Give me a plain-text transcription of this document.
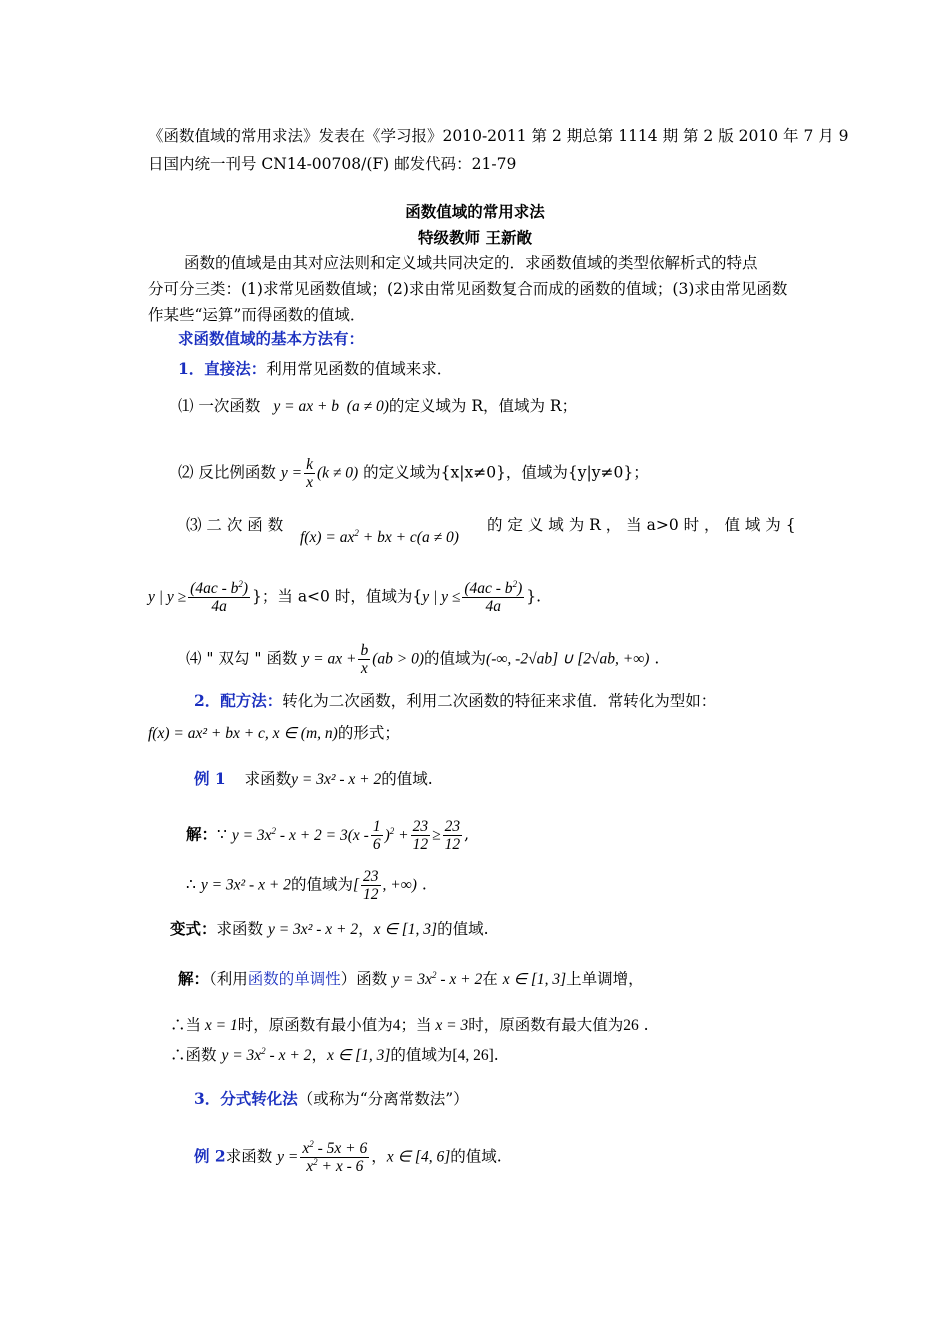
《函数值域的常用求法》发表在《学习报》2010-2011 第 2 期总第 1114 期 第 2 版 2010 年 7 月 9
日国内统一刊号 CN14-00708/(F) 邮发代码：21-79
函数值域的常用求法
特级教师 王新敞
函数的值域是由其对应法则和定义域共同决定的．求函数值域的类型依解析式的特点
分可分三类：(1)求常见函数值域；(2)求由常见函数复合而成的函数的值域；(3)求由常见函数
作某些“运算”而得函数的值域．
求函数值域的基本方法有：
1．直接法：利用常见函数的值域来求．
⑴ 一次函数 y = ax + b  (a ≠ 0)的定义域为 R，值域为 R；
⑵ 反比例函数 $y = \frac{k}{x} (k \ne 0)$ 的定义域为{x|x≠0}，值域为{y|y≠0}；
⑶ 二 次 函 数
$f(x) = ax^2$ + bx + c(a ≠ 0)
的 定 义 域 为 R ， 当 a>0 时 ， 值 域 为 {
y | $y \ge \frac{(4ac - b^2)}{4a}$ }；当 a<0 时，值域为{y | $y \le \frac{(4ac - b^2)}{4a}$ }.
⑷ " 双勾 " 函数 y = ax + $\frac{b}{x} (ab > 0)$的值域为(-∞, -2√ab] ∪ [2√ab, +∞) .
2．配方法：转化为二次函数，利用二次函数的特征来求值．常转化为型如：
f(x) = ax² + bx + c, x ∈ (m, n)的形式；
例 1 求函数y = 3x² - x + 2的值域.
解：∵ $y = 3x^2 - x + 2 = 3(x - \frac{1}{6} )^2 + \frac{23}{12} \ge \frac{23}{12}$ ,
∴ y = 3x² - x + 2的值域为[ $\frac{23}{12}$ , +∞) .
变式：求函数 y = 3x² - x + 2，x ∈ [1, 3]的值域.
解：（利用函数的单调性）函数 $y = 3x^2 - x + 2$在 x ∈ [1, 3]上单调增，
∴当 x = 1时，原函数有最小值为4；当 x = 3时，原函数有最大值为26 .
∴函数 $y = 3x^2 - x + 2$，x ∈ [1, 3]的值域为[4, 26].
3．分式转化法（或称为“分离常数法”）
例 2求函数 $y = \frac{x^2 - 5x + 6}{x^2 + x - 6}$ ，x ∈ [4, 6]的值域.
